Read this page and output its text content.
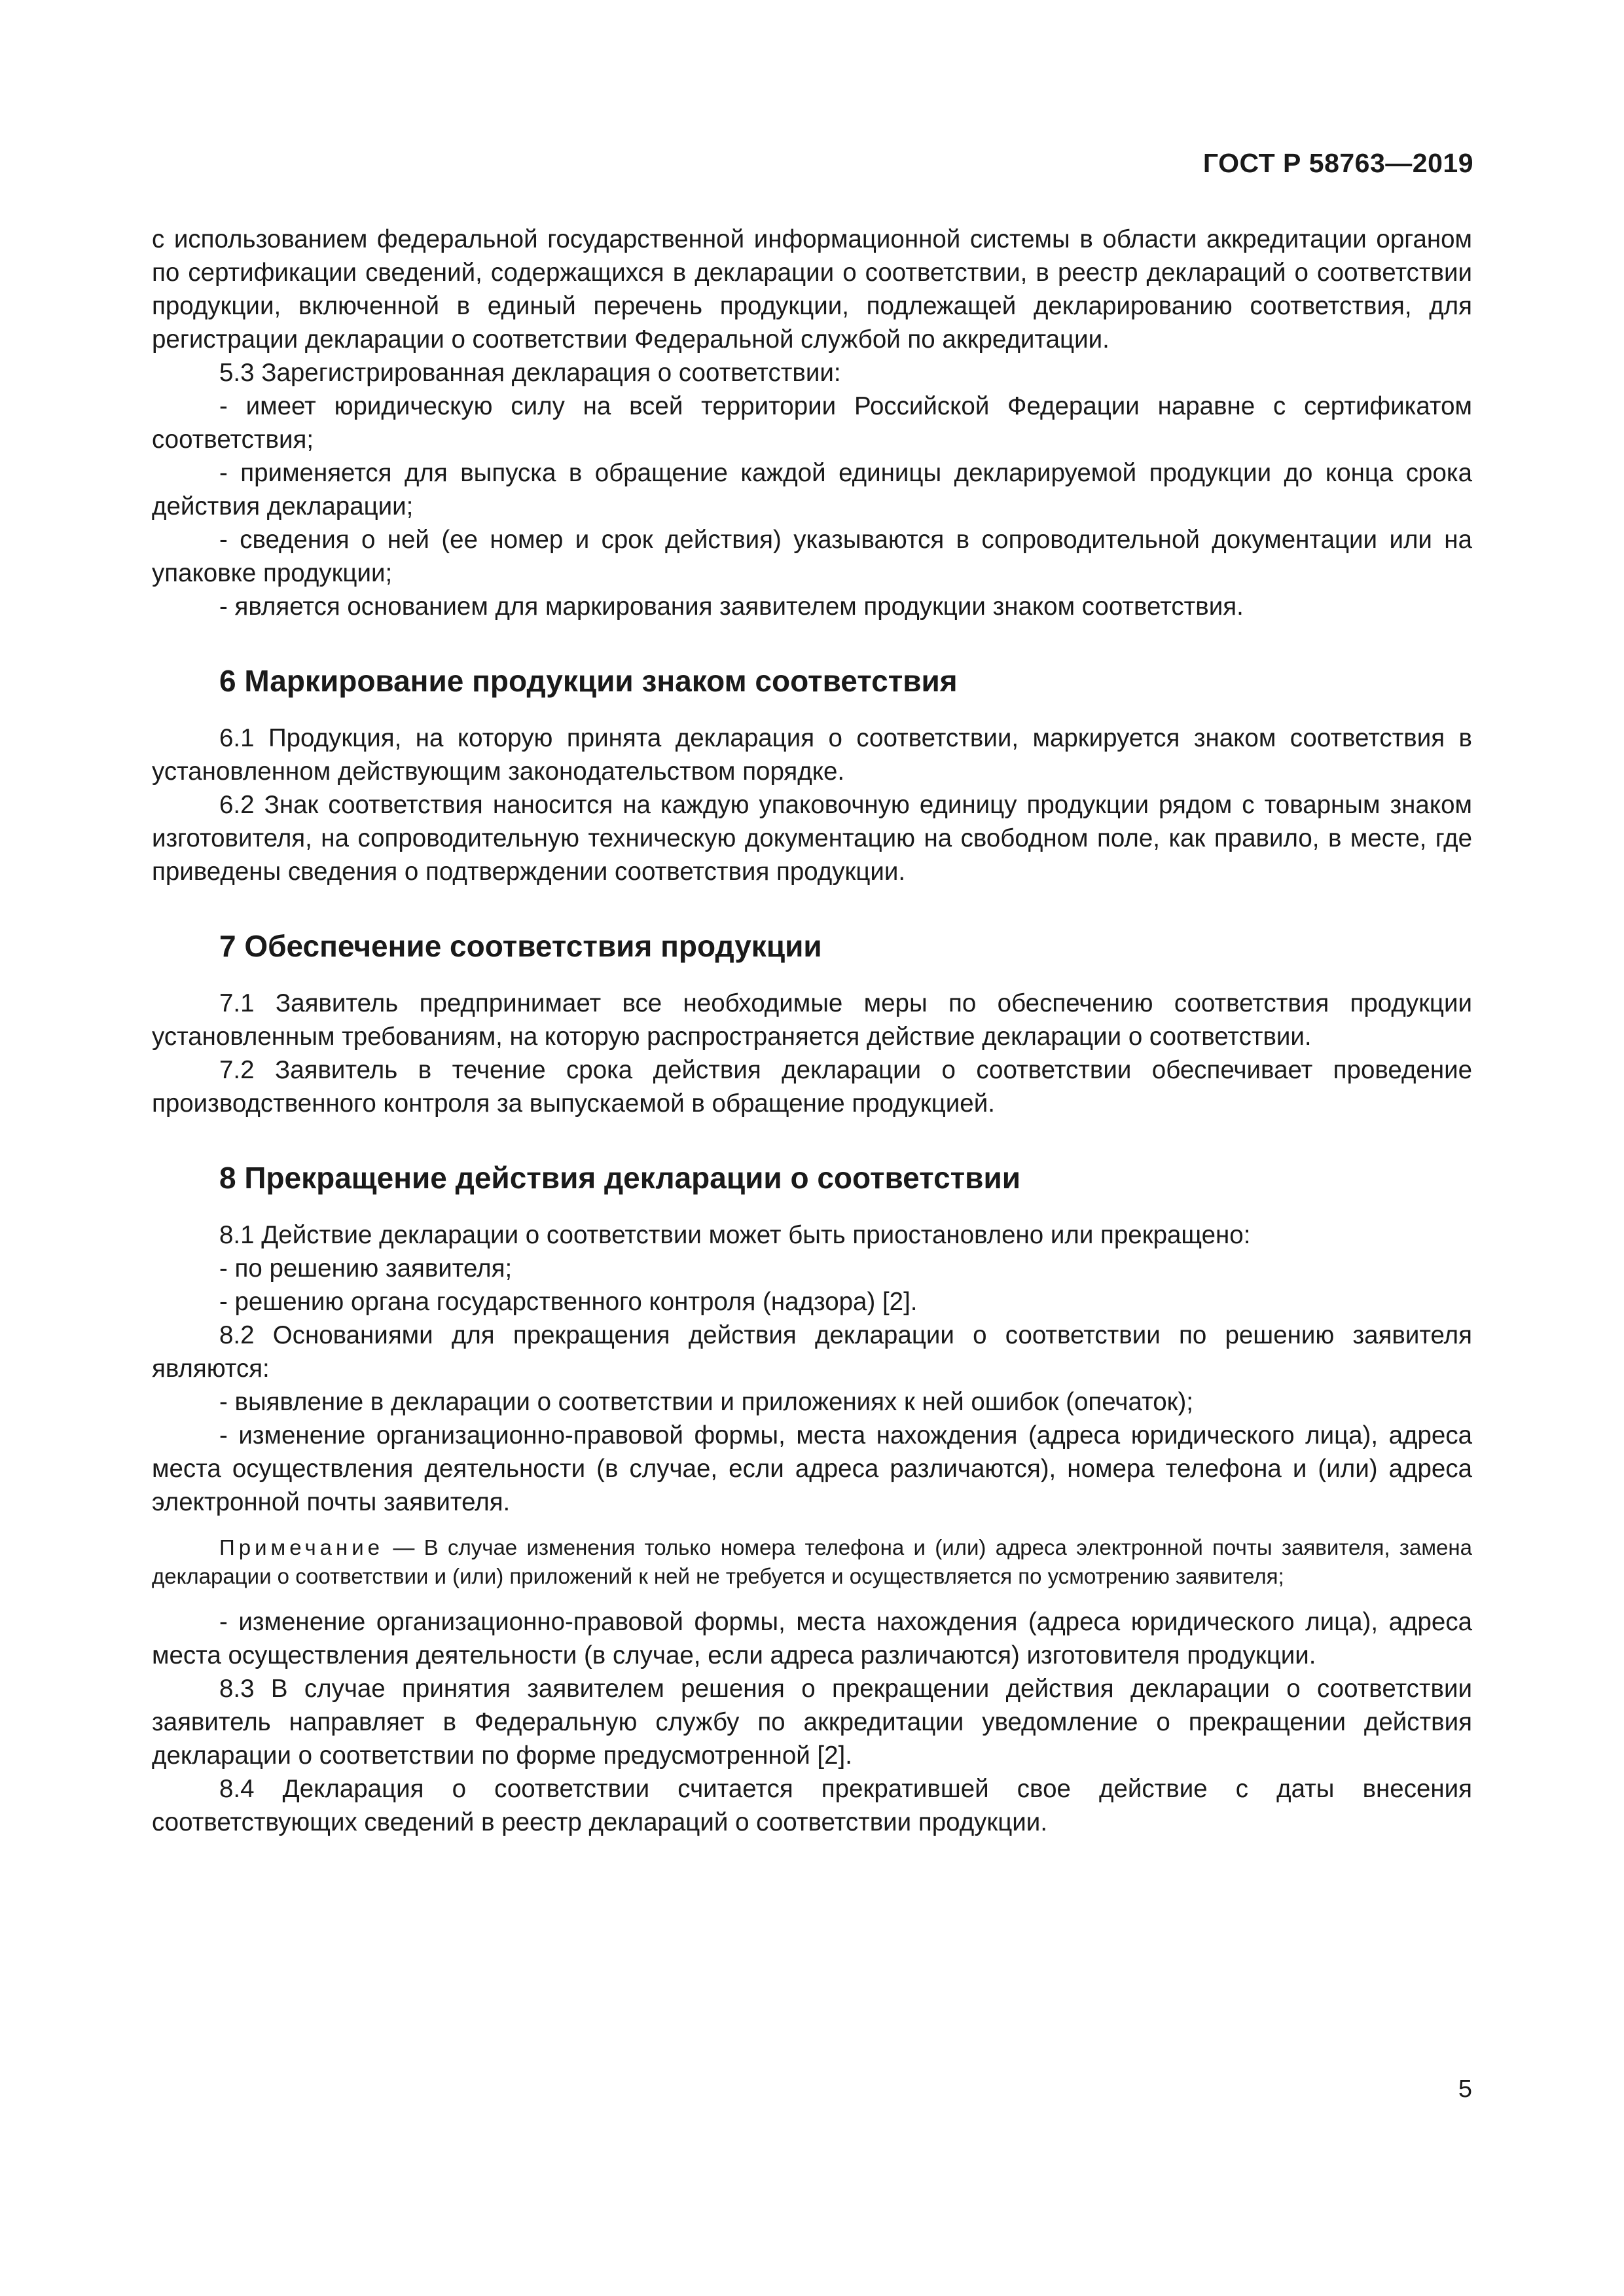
ГОСТ Р 58763—2019

с использованием федеральной государственной информационной системы в области аккредитации органом по сертификации сведений, содержащихся в декларации о соответствии, в реестр деклараций о соответствии продукции, включенной в единый перечень продукции, подлежащей декларированию соответствия, для регистрации декларации о соответствии Федеральной службой по аккредитации.

5.3 Зарегистрированная декларация о соответствии:

- имеет юридическую силу на всей территории Российской Федерации наравне с сертификатом соответствия;

- применяется для выпуска в обращение каждой единицы декларируемой продукции до конца срока действия декларации;

- сведения о ней (ее номер и срок действия) указываются в сопроводительной документации или на упаковке продукции;

- является основанием для маркирования заявителем продукции знаком соответствия.

6 Маркирование продукции знаком соответствия

6.1 Продукция, на которую принята декларация о соответствии, маркируется знаком соответствия в установленном действующим законодательством порядке.

6.2 Знак соответствия наносится на каждую упаковочную единицу продукции рядом с товарным знаком изготовителя, на сопроводительную техническую документацию на свободном поле, как правило, в месте, где приведены сведения о подтверждении соответствия продукции.

7 Обеспечение соответствия продукции

7.1 Заявитель предпринимает все необходимые меры по обеспечению соответствия продукции установленным требованиям, на которую распространяется действие декларации о соответствии.

7.2 Заявитель в течение срока действия декларации о соответствии обеспечивает проведение производственного контроля за выпускаемой в обращение продукцией.

8 Прекращение действия декларации о соответствии

8.1 Действие декларации о соответствии может быть приостановлено или прекращено:

- по решению заявителя;

- решению органа государственного контроля (надзора) [2].

8.2 Основаниями для прекращения действия декларации о соответствии по решению заявителя являются:

- выявление в декларации о соответствии и приложениях к ней ошибок (опечаток);

- изменение организационно-правовой формы, места нахождения (адреса юридического лица), адреса места осуществления деятельности (в случае, если адреса различаются), номера телефона и (или) адреса электронной почты заявителя.

Примечание — В случае изменения только номера телефона и (или) адреса электронной почты заявителя, замена декларации о соответствии и (или) приложений к ней не требуется и осуществляется по усмотрению заявителя;

- изменение организационно-правовой формы, места нахождения (адреса юридического лица), адреса места осуществления деятельности (в случае, если адреса различаются) изготовителя продукции.

8.3 В случае принятия заявителем решения о прекращении действия декларации о соответствии заявитель направляет в Федеральную службу по аккредитации уведомление о прекращении действия декларации о соответствии по форме предусмотренной [2].

8.4 Декларация о соответствии считается прекратившей свое действие с даты внесения соответствующих сведений в реестр деклараций о соответствии продукции.

5
